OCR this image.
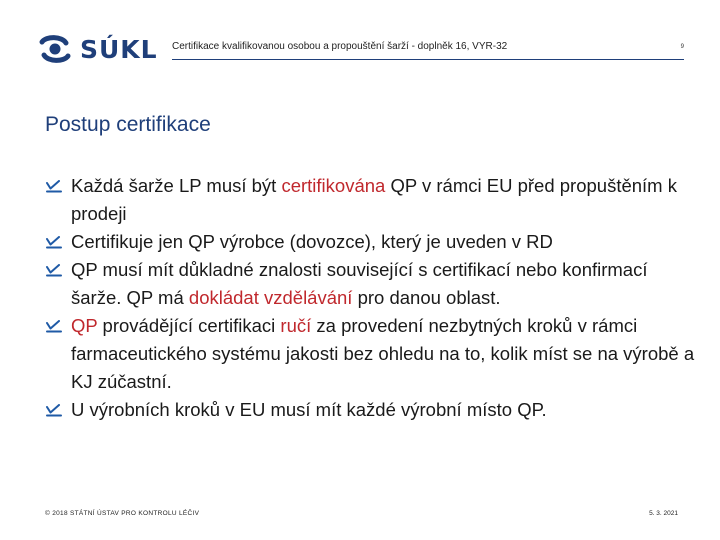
SÚKL Certifikace kvalifikovanou osobou a propouštění šarží - doplněk 16, VYR-32	9
Postup certifikace
Každá šarže LP musí být certifikována QP v rámci EU před propuštěním k prodeji
Certifikuje jen QP výrobce (dovozce), který je uveden v RD
QP musí mít důkladné znalosti související s certifikací nebo konfirmací šarže. QP má dokládat vzdělávání pro danou oblast.
QP provádějící certifikaci ručí za provedení nezbytných kroků v rámci farmaceutického systému jakosti bez ohledu na to, kolik míst se na výrobě a KJ zúčastní.
U výrobních kroků v EU musí mít každé výrobní místo QP.
© 2018 STÁTNÍ ÚSTAV PRO KONTROLU LÉČIV	5. 3. 2021
